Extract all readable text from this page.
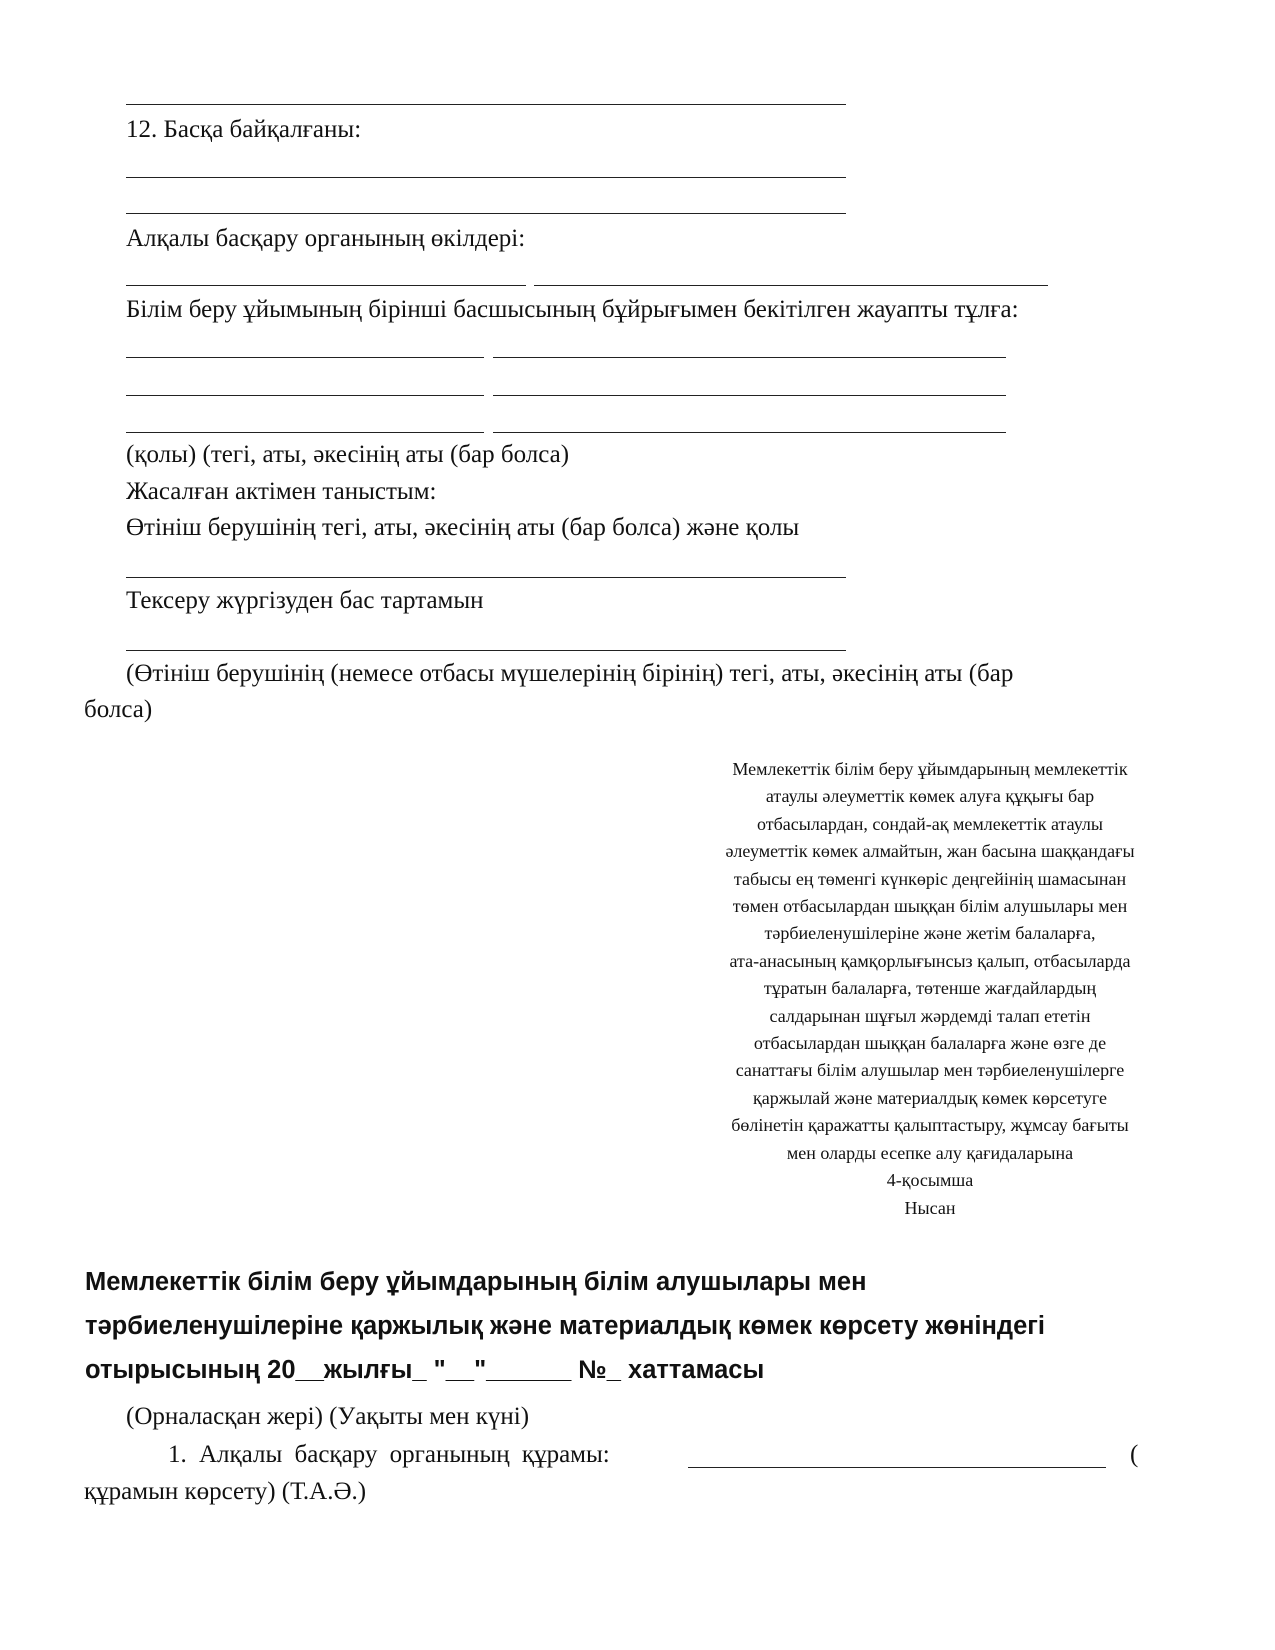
12. Басқа байқалғаны:
Алқалы басқару органының өкілдері:
Білім беру ұйымының бірінші басшысының бұйрығымен бекітілген жауапты тұлға:
(қолы) (тегі, аты, әкесінің аты (бар болса)
Жасалған актімен таныстым:
Өтініш берушінің тегі, аты, әкесінің аты (бар болса) және қолы
Тексеру жүргізуден бас тартамын
(Өтініш берушінің (немесе отбасы мүшелерінің бірінің) тегі, аты, әкесінің аты (бар
болса)
Мемлекеттік білім беру ұйымдарының мемлекеттік
атаулы әлеуметтік көмек алуға құқығы бар
отбасылардан, сондай-ақ мемлекеттік атаулы
әлеуметтік көмек алмайтын, жан басына шаққандағы
табысы ең төменгі күнкөріс деңгейінің шамасынан
төмен отбасылардан шыққан білім алушылары мен
тәрбиеленушілеріне және жетім балаларға,
ата-анасының қамқорлығынсыз қалып, отбасыларда
тұратын балаларға, төтенше жағдайлардың
салдарынан шұғыл жәрдемді талап ететін
отбасылардан шыққан балаларға және өзге де
санаттағы білім алушылар мен тәрбиеленушілерге
қаржылай және материалдық көмек көрсетуге
бөлінетін қаражатты қалыптастыру, жұмсау бағыты
мен оларды есепке алу қағидаларына
4-қосымша
Нысан
Мемлекеттік білім беру ұйымдарының білім алушылары мен
тәрбиеленушілеріне қаржылық және материалдық көмек көрсету жөніндегі
отырысының 20__жылғы_ "__"______ №_ хаттамасы
(Орналасқан жері) (Уақыты мен күні)
1. Алқалы басқару органының құрамы:	(
құрамын көрсету) (Т.А.Ә.)
